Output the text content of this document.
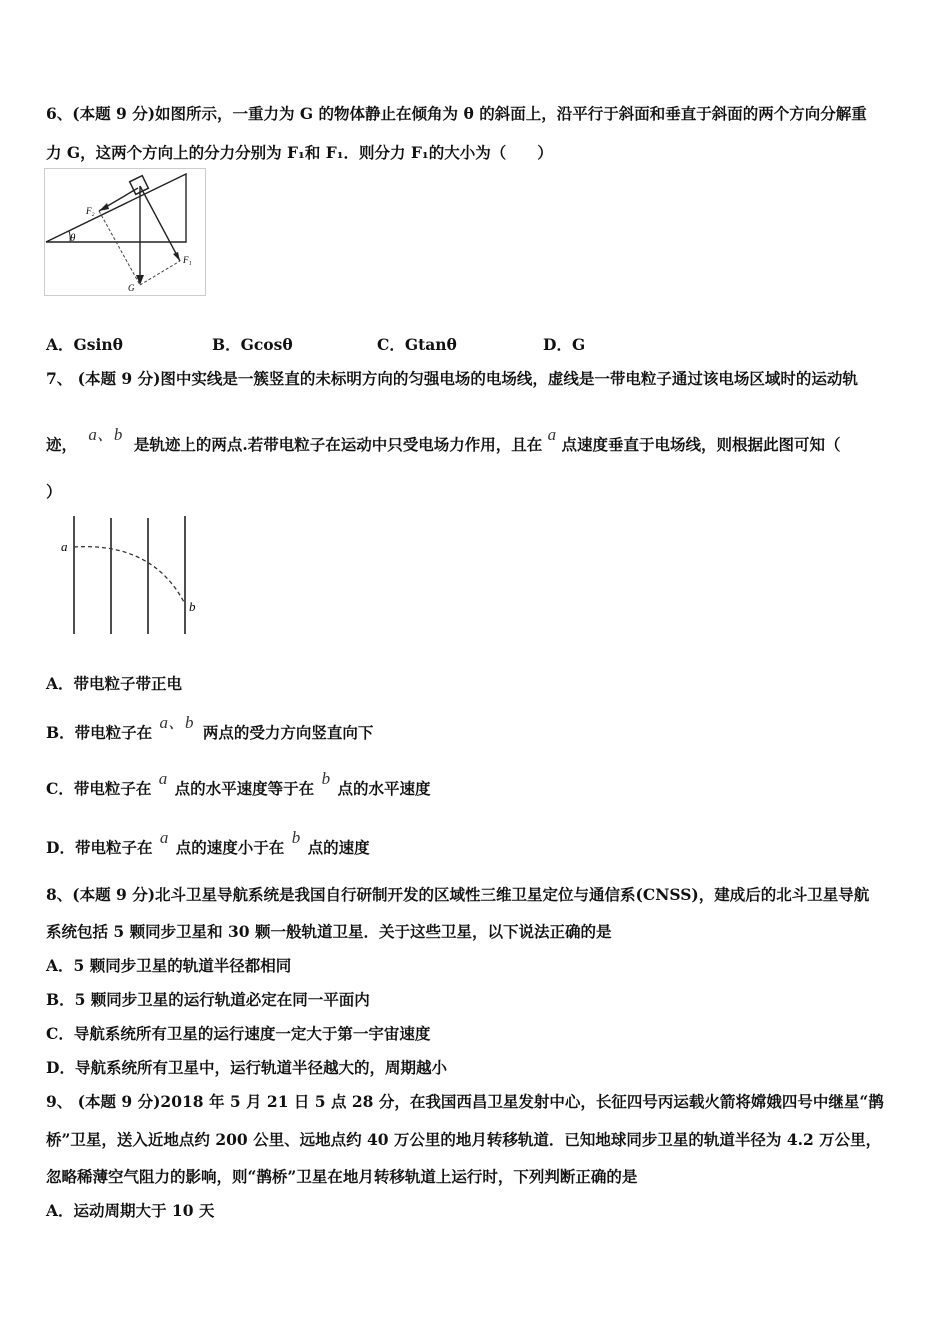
6、(本题 9 分)如图所示，一重力为 G 的物体静止在倾角为 θ 的斜面上，沿平行于斜面和垂直于斜面的两个方向分解重
力 G，这两个方向上的分力分别为 F₁和 F₁．则分力 F₁的大小为（　　）
θ
F₂
F₁
G
A．Gsinθ	B．Gcosθ	C．Gtanθ	D．G
7、 (本题 9 分)图中实线是一簇竖直的未标明方向的匀强电场的电场线，虚线是一带电粒子通过该电场区域时的运动轨
迹， a、b 是轨迹上的两点.若带电粒子在运动中只受电场力作用，且在 a 点速度垂直于电场线，则根据此图可知（
）
a
b
A．带电粒子带正电
B．带电粒子在 a、b 两点的受力方向竖直向下
C．带电粒子在 a 点的水平速度等于在 b 点的水平速度
D．带电粒子在 a 点的速度小于在 b 点的速度
8、(本题 9 分)北斗卫星导航系统是我国自行研制开发的区域性三维卫星定位与通信系(CNSS)，建成后的北斗卫星导航
系统包括 5 颗同步卫星和 30 颗一般轨道卫星．关于这些卫星，以下说法正确的是
A．5 颗同步卫星的轨道半径都相同
B．5 颗同步卫星的运行轨道必定在同一平面内
C．导航系统所有卫星的运行速度一定大于第一宇宙速度
D．导航系统所有卫星中，运行轨道半径越大的，周期越小
9、 (本题 9 分)2018 年 5 月 21 日 5 点 28 分，在我国西昌卫星发射中心，长征四号丙运载火箭将嫦娥四号中继星“鹊
桥”卫星，送入近地点约 200 公里、远地点约 40 万公里的地月转移轨道．已知地球同步卫星的轨道半径为 4.2 万公里，
忽略稀薄空气阻力的影响，则“鹊桥”卫星在地月转移轨道上运行时，下列判断正确的是
A．运动周期大于 10 天
